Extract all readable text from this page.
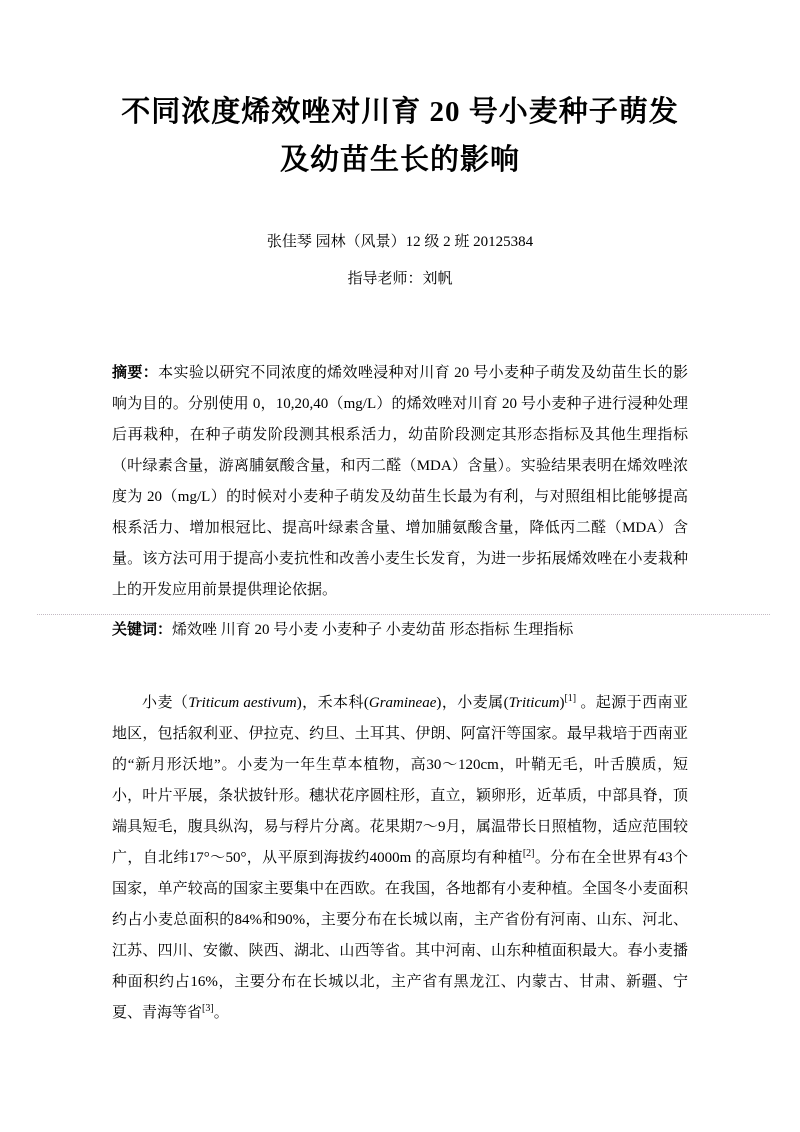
不同浓度烯效唑对川育 20 号小麦种子萌发
及幼苗生长的影响

张佳琴 园林（风景）12 级 2 班 20125384

指导老师：刘帆

摘要：本实验以研究不同浓度的烯效唑浸种对川育 20 号小麦种子萌发及幼苗生长的影响为目的。分别使用 0，10,20,40（mg/L）的烯效唑对川育 20 号小麦种子进行浸种处理后再栽种，在种子萌发阶段测其根系活力，幼苗阶段测定其形态指标及其他生理指标（叶绿素含量，游离脯氨酸含量，和丙二醛（MDA）含量）。实验结果表明在烯效唑浓度为 20（mg/L）的时候对小麦种子萌发及幼苗生长最为有利，与对照组相比能够提高根系活力、增加根冠比、提高叶绿素含量、增加脯氨酸含量，降低丙二醛（MDA）含量。该方法可用于提高小麦抗性和改善小麦生长发育，为进一步拓展烯效唑在小麦栽种上的开发应用前景提供理论依据。

关键词：烯效唑 川育 20 号小麦 小麦种子 小麦幼苗 形态指标 生理指标

小麦（Triticum aestivum)，禾本科(Gramineae)，小麦属(Triticum)[1] 。起源于西南亚地区，包括叙利亚、伊拉克、约旦、土耳其、伊朗、阿富汗等国家。最早栽培于西南亚的“新月形沃地”。小麦为一年生草本植物，高30～120cm，叶鞘无毛，叶舌膜质，短小，叶片平展，条状披针形。穗状花序圆柱形，直立，颖卵形，近革质，中部具脊，顶端具短毛，腹具纵沟，易与稃片分离。花果期7～9月，属温带长日照植物，适应范围较广，自北纬17°～50°，从平原到海拔约4000m 的高原均有种植[2]。分布在全世界有43个国家，单产较高的国家主要集中在西欧。在我国，各地都有小麦种植。全国冬小麦面积约占小麦总面积的84%和90%，主要分布在长城以南，主产省份有河南、山东、河北、江苏、四川、安徽、陕西、湖北、山西等省。其中河南、山东种植面积最大。春小麦播种面积约占16%，主要分布在长城以北，主产省有黑龙江、内蒙古、甘肃、新疆、宁夏、青海等省[3]。
